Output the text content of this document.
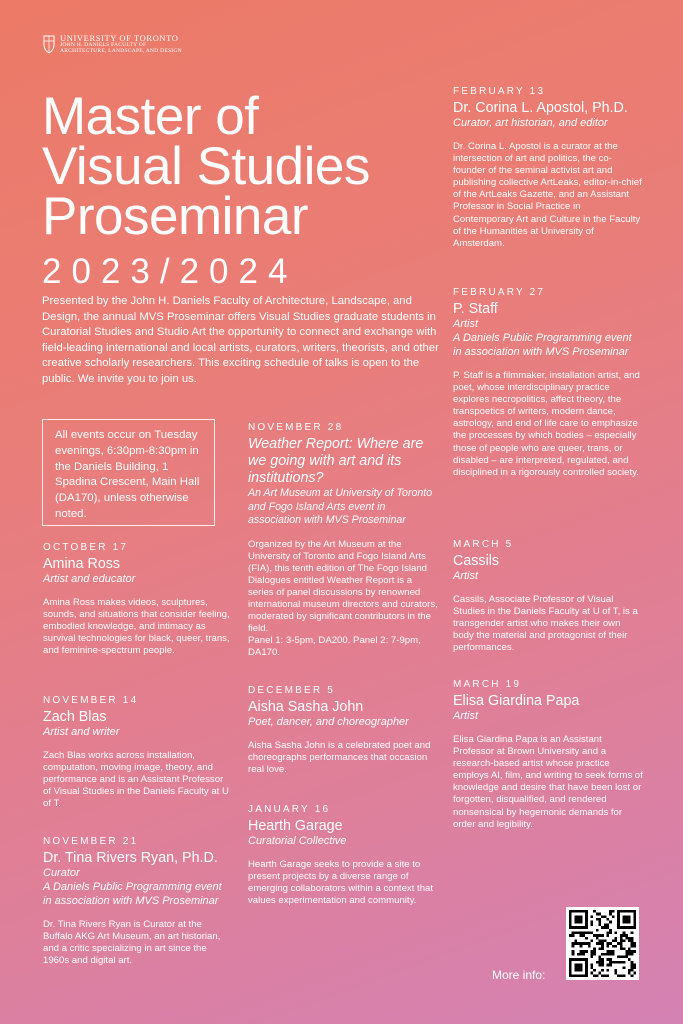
UNIVERSITY OF TORONTO
JOHN H. DANIELS FACULTY OF
ARCHITECTURE, LANDSCAPE, AND DESIGN
Master of
Visual Studies
Proseminar
2023/2024
Presented by the John H. Daniels Faculty of Architecture, Landscape, and Design, the annual MVS Proseminar offers Visual Studies graduate students in Curatorial Studies and Studio Art the opportunity to connect and exchange with field-leading international and local artists, curators, writers, theorists, and other creative scholarly researchers. This exciting schedule of talks is open to the public. We invite you to join us.
All events occur on Tuesday evenings, 6:30pm-8:30pm in the Daniels Building, 1 Spadina Crescent, Main Hall (DA170), unless otherwise noted.
OCTOBER 17
Amina Ross
Artist and educator
Amina Ross makes videos, sculptures, sounds, and situations that consider feeling, embodied knowledge, and intimacy as survival technologies for black, queer, trans, and feminine-spectrum people.
NOVEMBER 14
Zach Blas
Artist and writer
Zach Blas works across installation, computation, moving image, theory, and performance and is an Assistant Professor of Visual Studies in the Daniels Faculty at U of T.
NOVEMBER 21
Dr. Tina Rivers Ryan, Ph.D.
Curator
A Daniels Public Programming event in association with MVS Proseminar
Dr. Tina Rivers Ryan is Curator at the Buffalo AKG Art Museum, an art historian, and a critic specializing in art since the 1960s and digital art.
NOVEMBER 28
Weather Report: Where are we going with art and its institutions?
An Art Museum at University of Toronto and Fogo Island Arts event in association with MVS Proseminar
Organized by the Art Museum at the University of Toronto and Fogo Island Arts (FIA), this tenth edition of The Fogo Island Dialogues entitled Weather Report is a series of panel discussions by renowned international museum directors and curators, moderated by significant contributors in the field.
Panel 1: 3-5pm, DA200. Panel 2: 7-9pm, DA170.
DECEMBER 5
Aisha Sasha John
Poet, dancer, and choreographer
Aisha Sasha John is a celebrated poet and choreographs performances that occasion real love.
JANUARY 16
Hearth Garage
Curatorial Collective
Hearth Garage seeks to provide a site to present projects by a diverse range of emerging collaborators within a context that values experimentation and community.
FEBRUARY 13
Dr. Corina L. Apostol, Ph.D.
Curator, art historian, and editor
Dr. Corina L. Apostol is a curator at the intersection of art and politics, the co-founder of the seminal activist art and publishing collective ArtLeaks, editor-in-chief of the ArtLeaks Gazette, and an Assistant Professor in Social Practice in Contemporary Art and Culture in the Faculty of the Humanities at University of Amsterdam.
FEBRUARY 27
P. Staff
Artist
A Daniels Public Programming event in association with MVS Proseminar
P. Staff is a filmmaker, installation artist, and poet, whose interdisciplinary practice explores necropolitics, affect theory, the transpoetics of writers, modern dance, astrology, and end of life care to emphasize the processes by which bodies – especially those of people who are queer, trans, or disabled – are interpreted, regulated, and disciplined in a rigorously controlled society.
MARCH 5
Cassils
Artist
Cassils, Associate Professor of Visual Studies in the Daniels Faculty at U of T, is a transgender artist who makes their own body the material and protagonist of their performances.
MARCH 19
Elisa Giardina Papa
Artist
Elisa Giardina Papa is an Assistant Professor at Brown University and a research-based artist whose practice employs AI, film, and writing to seek forms of knowledge and desire that have been lost or forgotten, disqualified, and rendered nonsensical by hegemonic demands for order and legibility.
More info:
